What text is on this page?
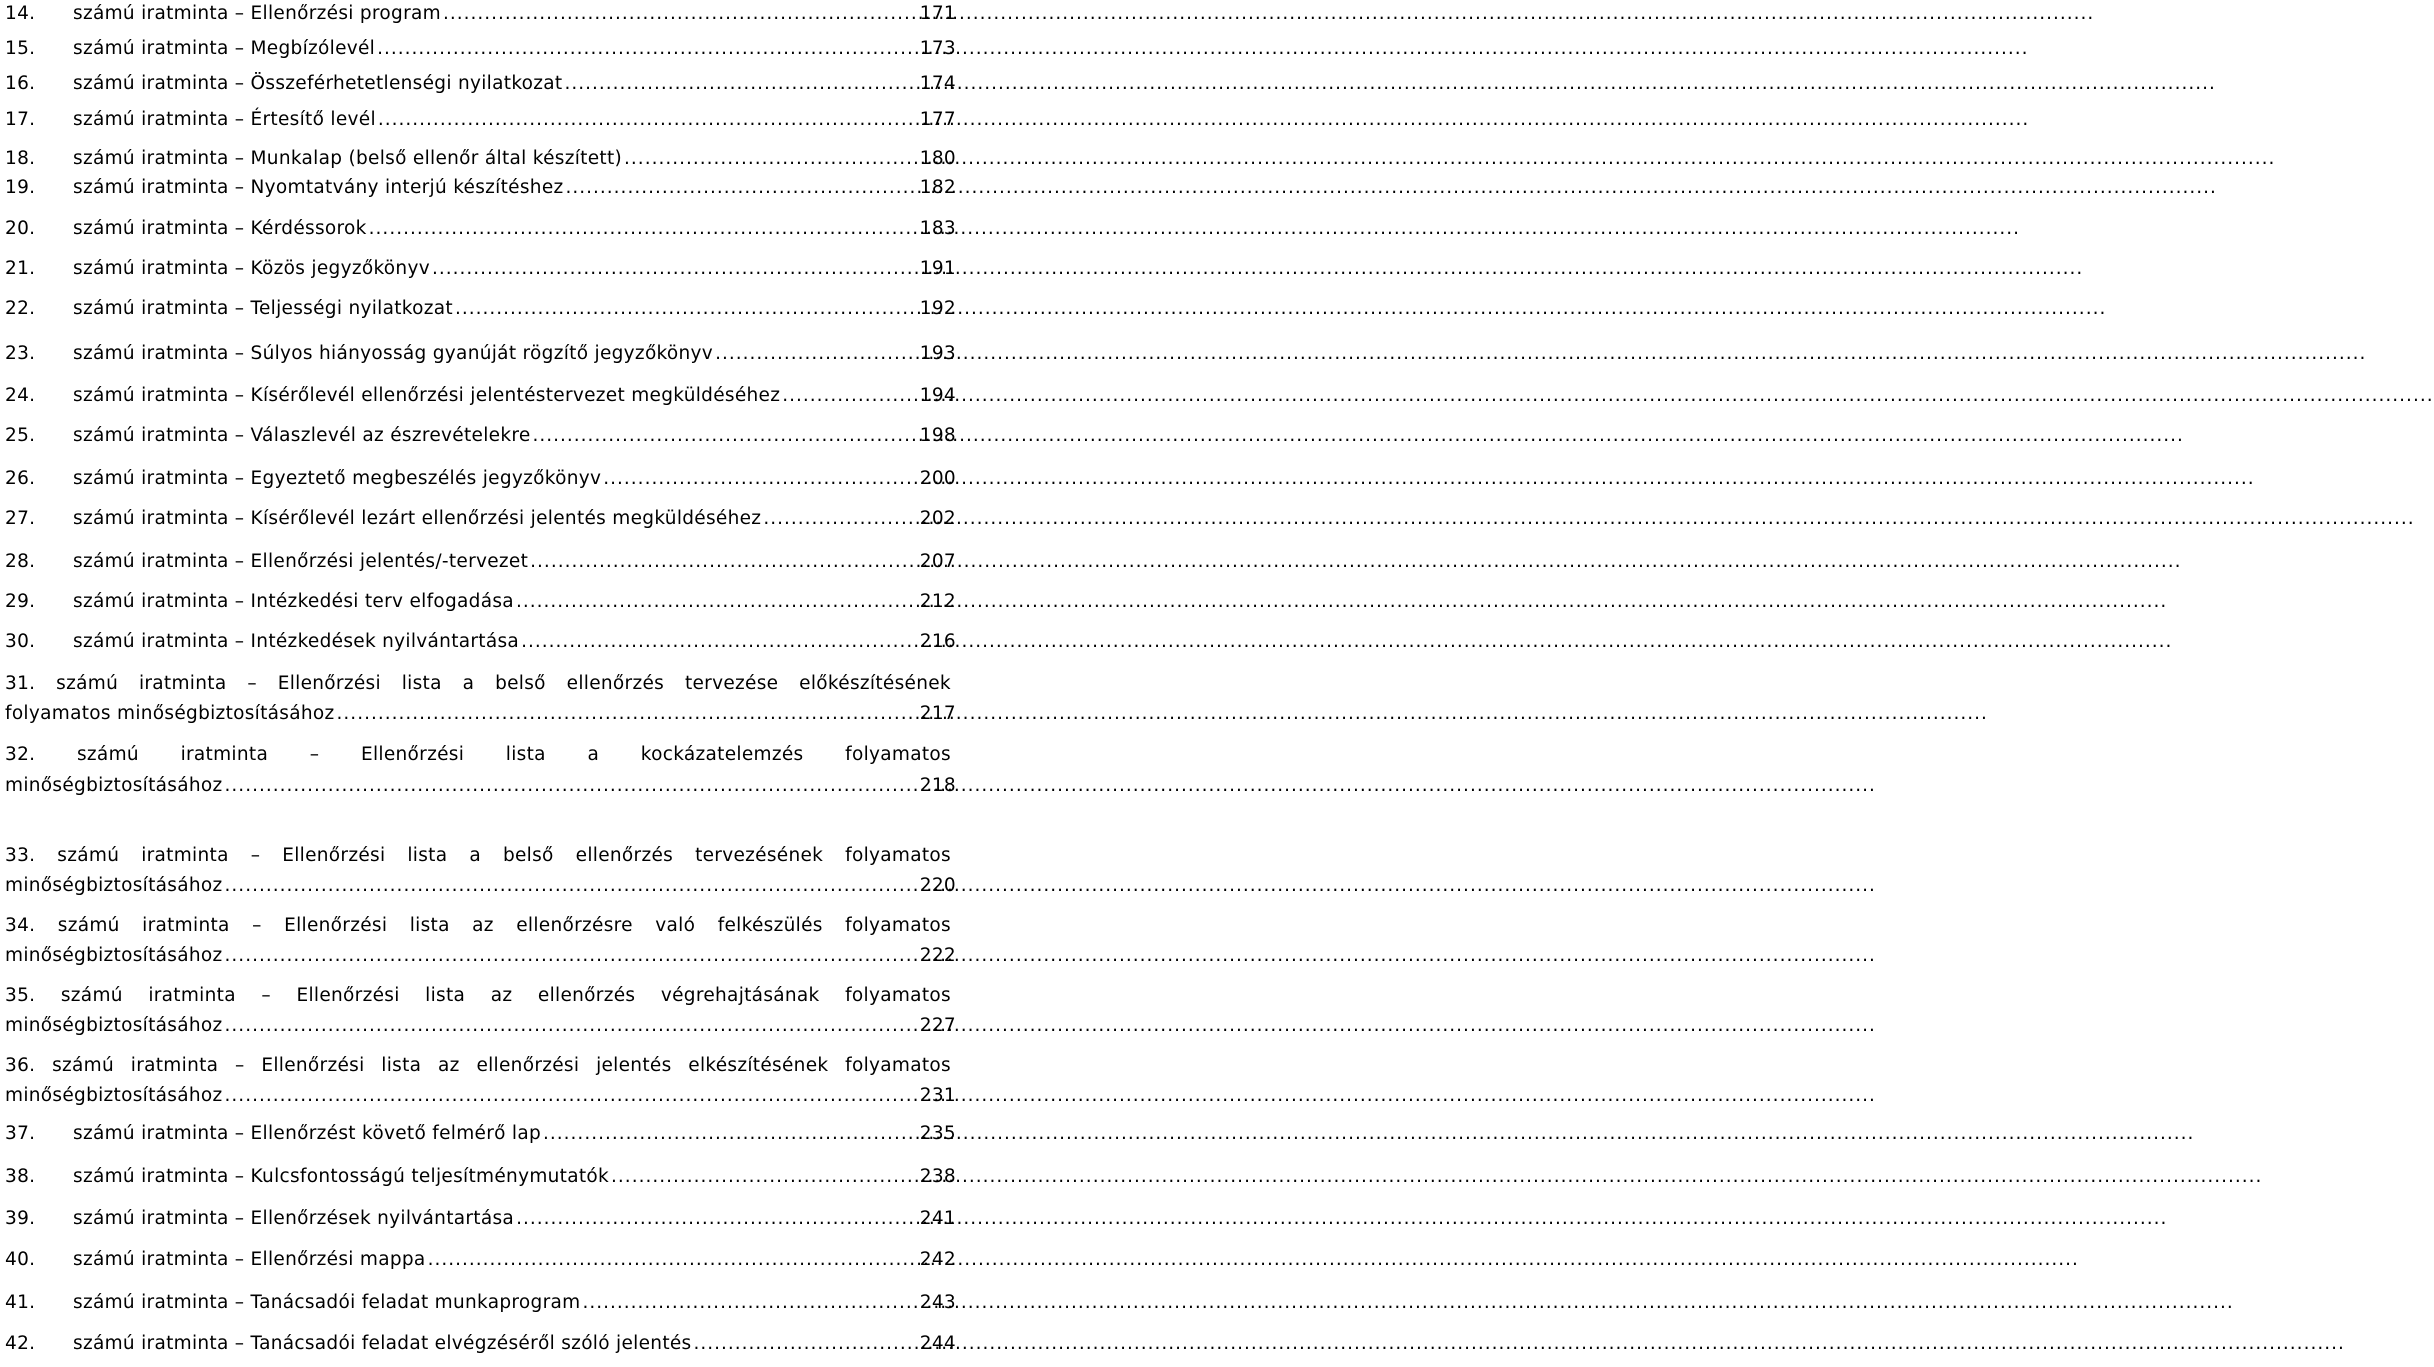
14.	számú iratminta – Ellenőrzési program .....	171
15.	számú iratminta – Megbízólevél .....	173
16.	számú iratminta – Összeférhetetlenségi nyilatkozat .....	174
17.	számú iratminta – Értesítő levél .....	177
18.	számú iratminta – Munkalap (belső ellenőr által készített) .....	180
19.	számú iratminta – Nyomtatvány interjú készítéshez .....	182
20.	számú iratminta – Kérdéssorok .....	183
21.	számú iratminta – Közös jegyzőkönyv .....	191
22.	számú iratminta – Teljességi nyilatkozat .....	192
23.	számú iratminta – Súlyos hiányosság gyanúját rögzítő jegyzőkönyv .....	193
24.	számú iratminta – Kísérőlevél ellenőrzési jelentéstervezet megküldéséhez .....	194
25.	számú iratminta – Válaszlevél az észrevételekre .....	198
26.	számú iratminta – Egyeztető megbeszélés jegyzőkönyv .....	200
27.	számú iratminta – Kísérőlevél lezárt ellenőrzési jelentés megküldéséhez .....	202
28.	számú iratminta – Ellenőrzési jelentés/-tervezet .....	207
29.	számú iratminta – Intézkedési terv elfogadása .....	212
30.	számú iratminta – Intézkedések nyilvántartása .....	216
31. számú iratminta – Ellenőrzési lista a belső ellenőrzés tervezése előkészítésének
folyamatos minőségbiztosításához .....	217
32. számú iratminta – Ellenőrzési lista a kockázatelemzés folyamatos
minőségbiztosításához .....	218
33. számú iratminta – Ellenőrzési lista a belső ellenőrzés tervezésének folyamatos
minőségbiztosításához .....	220
34. számú iratminta – Ellenőrzési lista az ellenőrzésre való felkészülés folyamatos
minőségbiztosításához .....	222
35. számú iratminta – Ellenőrzési lista az ellenőrzés végrehajtásának folyamatos
minőségbiztosításához .....	227
36. számú iratminta – Ellenőrzési lista az ellenőrzési jelentés elkészítésének folyamatos
minőségbiztosításához .....	231
37.	számú iratminta – Ellenőrzést követő felmérő lap .....	235
38.	számú iratminta – Kulcsfontosságú teljesítménymutatók .....	238
39.	számú iratminta – Ellenőrzések nyilvántartása .....	241
40.	számú iratminta – Ellenőrzési mappa .....	242
41.	számú iratminta – Tanácsadói feladat munkaprogram .....	243
42.	számú iratminta – Tanácsadói feladat elvégzéséről szóló jelentés .....	244
